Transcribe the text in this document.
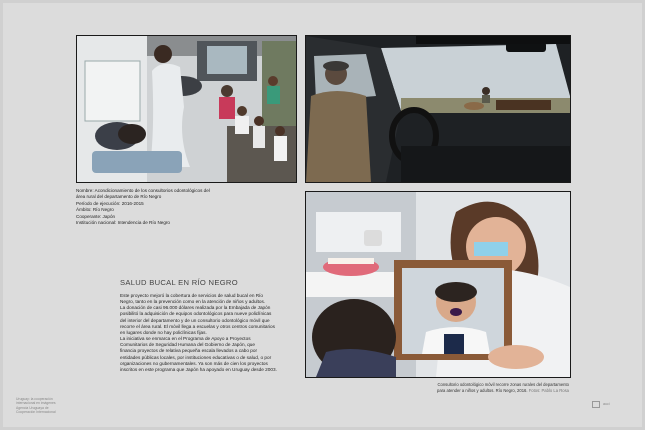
Nombre: Acondicionamiento de los consultorios odontológicos del
área rural del departamento de Río Negro
Período de ejecución: 2016-2015
Ámbito: Río Negro
Cooperante: Japón
Institución nacional: Intendencia de Río Negro
SALUD BUCAL EN RÍO NEGRO
Este proyecto mejoró la cobertura de servicios de salud bucal en Río
Negro, tanto en la prevención como en la atención de niños y adultos.
La donación de casi 96.000 dólares realizada por la Embajada de Japón
posibilitó la adquisición de equipos odontológicos para nueve policlínicas
del interior del departamento y de un consultorio odontológico móvil que
recorre el área rural. El móvil llega a escuelas y otros centros comunitarios
en lugares donde no hay policlínicas fijas.
La iniciativa se enmarca en el Programa de Apoyo a Proyectos
Comunitarios de Seguridad Humana del Gobierno de Japón, que
financia proyectos de relativa pequeña escala llevados a cabo por
entidades públicas locales, por instituciones educativas o de salud, o por
organizaciones no gubernamentales. Ya son más de cien los proyectos
inscritos en este programa que Japón ha apoyado en Uruguay desde 2003.
Consultorio odontológico móvil recorre zonas rurales del departamento
para atender a niños y adultos. Río Negro, 2016. Fotos: Pablo La Rosa
Uruguay: la cooperación
internacional en imágenes
Agencia Uruguaya de
Cooperación Internacional
auci
